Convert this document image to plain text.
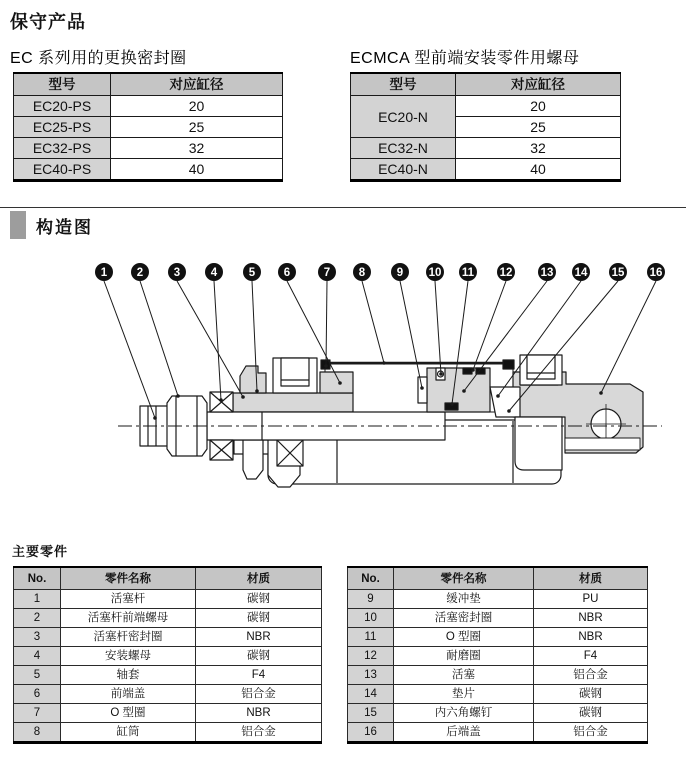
保守产品
EC 系列用的更换密封圈
型号	对应缸径
EC20-PS	20
EC25-PS	25
EC32-PS	32
EC40-PS	40
ECMCA 型前端安装零件用螺母
型号	对应缸径
EC20-N	20
	25
EC32-N	32
EC40-N	40
构造图
1	2	3	4	5 6	7 8	9 10 11 12 13 14 15 16
主要零件
No.	零件名称	材质
1	活塞杆	碳钢
2	活塞杆前端螺母	碳钢
3	活塞杆密封圈	NBR
4	安装螺母	碳钢
5	轴套	F4
6	前端盖	铝合金
7	O 型圈	NBR
8	缸筒	铝合金
No.	零件名称	材质
9	缓冲垫	PU
10	活塞密封圈	NBR
11	O 型圈	NBR
12	耐磨圈	F4
13	活塞	铝合金
14	垫片	碳钢
15	内六角螺钉	碳钢
16	后端盖	铝合金
